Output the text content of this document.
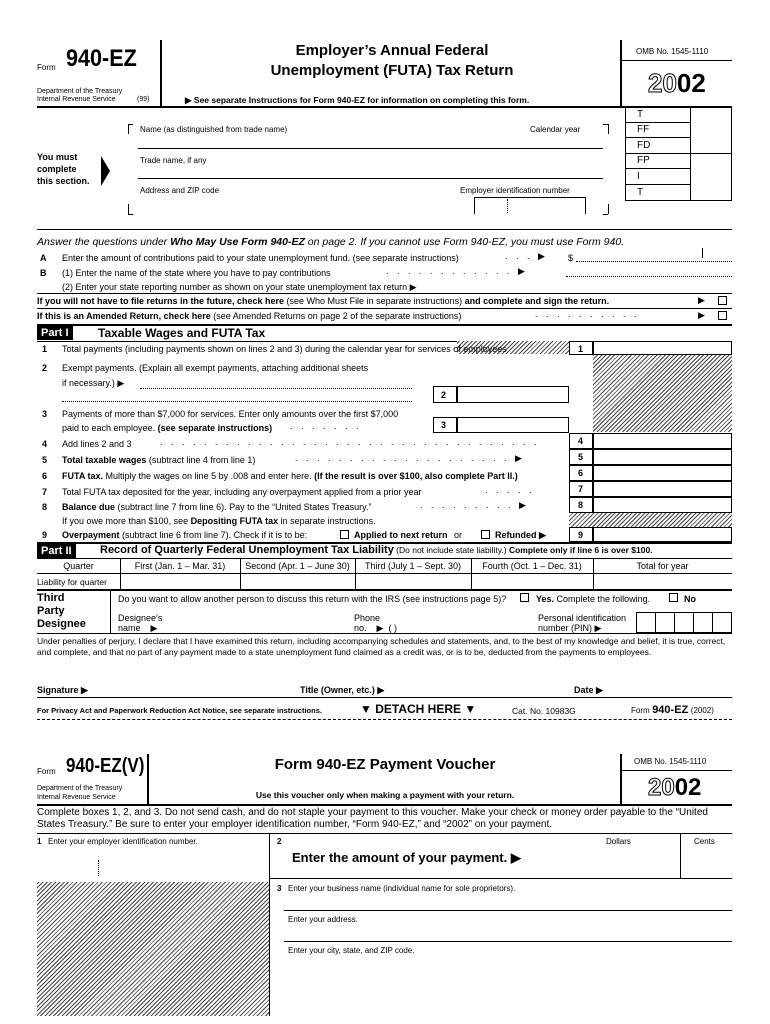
Form 940-EZ
Department of the Treasury
Internal Revenue Service	(99)
Employer’s Annual Federal
Unemployment (FUTA) Tax Return
▶ See separate Instructions for Form 940-EZ for information on completing this form.
OMB No. 1545-1110
2002
You must
complete
this section.
Name (as distinguished from trade name)	Calendar year
Trade name, if any
Address and ZIP code	Employer identification number
T
FF
FD
FP
I
T
Answer the questions under Who May Use Form 940-EZ on page 2. If you cannot use Form 940-EZ, you must use Form 940.
A Enter the amount of contributions paid to your state unemployment fund. (see separate instructions)	. . . ▶ $
B (1) Enter the name of the state where you have to pay contributions	. . . . . . . . . . . . ▶
(2) Enter your state reporting number as shown on your state unemployment tax return ▶
If you will not have to file returns in the future, check here (see Who Must File in separate instructions) and complete and sign the return.	▶
If this is an Amended Return, check here (see Amended Returns on page 2 of the separate instructions)	. . . . . . . . . .	▶
Part I	Taxable Wages and FUTA Tax
1 Total payments (including payments shown on lines 2 and 3) during the calendar year for services of employees	1
2 Exempt payments. (Explain all exempt payments, attaching additional sheets
if necessary.) ▶
2
3 Payments of more than $7,000 for services. Enter only amounts over the first $7,000
paid to each employee. (see separate instructions) . . . . . . .	3
4 Add lines 2 and 3	. . . . . . . . . . . . . . . . . . . . . . . . . . . . . . . . . . .
5 Total taxable wages (subtract line 4 from line 1)	. . . . . . . . . . . . . . . . . . . . ▶
6 FUTA tax. Multiply the wages on line 5 by .008 and enter here. (If the result is over $100, also complete Part II.)
7 Total FUTA tax deposited for the year, including any overpayment applied from a prior year	. . . . .
8 Balance due (subtract line 7 from line 6). Pay to the “United States Treasury.”	. . . . . . . . . ▶
If you owe more than $100, see Depositing FUTA tax in separate instructions.
9 Overpayment (subtract line 6 from line 7). Check if it is to be:	Applied to next return or	Refunded ▶
4
5
6
7
8
9
Part II	Record of Quarterly Federal Unemployment Tax Liability (Do not include state liability.) Complete only if line 6 is over $100.
Quarter	First (Jan. 1 – Mar. 31)	Second (Apr. 1 – June 30)	Third (July 1 – Sept. 30)	Fourth (Oct. 1 – Dec. 31)	Total for year
Liability for quarter
Third
Party
Designee
Do you want to allow another person to discuss this return with the IRS (see instructions page 5)?	Yes. Complete the following.	No
Designee’s
name    ▶
Phone
no.    ▶  ( )
Personal identification
number (PIN) ▶
Under penalties of perjury, I declare that I have examined this return, including accompanying schedules and statements, and, to the best of my knowledge and belief, it is true, correct, and complete, and that no part of any payment made to a state unemployment fund claimed as a credit was, or is to be, deducted from the payments to employees.
Signature ▶	Title (Owner, etc.) ▶	Date ▶
For Privacy Act and Paperwork Reduction Act Notice, see separate instructions.	▼ DETACH HERE ▼	Cat. No. 10983G	Form 940-EZ (2002)
Form 940-EZ(V)
Department of the Treasury
Internal Revenue Service
Form 940-EZ Payment Voucher
Use this voucher only when making a payment with your return.
OMB No. 1545-1110
2002
Complete boxes 1, 2, and 3. Do not send cash, and do not staple your payment to this voucher. Make your check or money order payable to the “United States Treasury.” Be sure to enter your employer identification number, “Form 940-EZ,” and “2002” on your payment.
1 Enter your employer identification number.	2	Dollars	Cents
Enter the amount of your payment. ▶
3 Enter your business name (individual name for sole proprietors).
Enter your address.
Enter your city, state, and ZIP code.
